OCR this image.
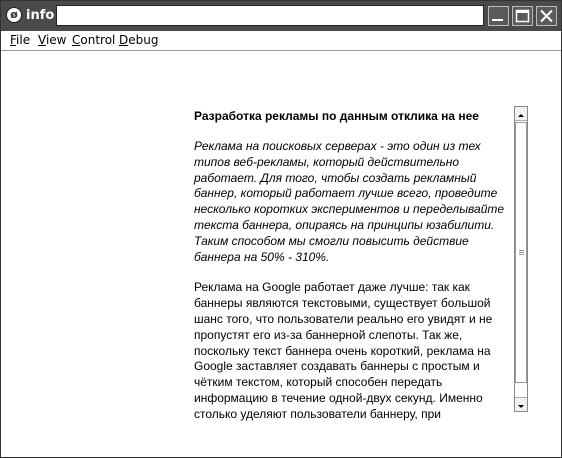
ø info
File View Control Debug
Разработка рекламы по данным отклика на нее

Реклама на поисковых серверах - это один из тех типов веб-рекламы, который действительно работает. Для того, чтобы создать рекламный баннер, который работает лучше всего, проведите несколько коротких экспериментов и переделывайте текста баннера, опираясь на принципы юзабилити. Таким способом мы смогли повысить действие баннера на 50% - 310%.

Реклама на Google работает даже лучше: так как баннеры являются текстовыми, существует большой шанс того, что пользователи реально его увидят и не пропустят его из-за баннерной слепоты. Так же, поскольку текст баннера очень короткий, реклама на Google заставляет создавать баннеры с простым и чётким текстом, который способен передать информацию в течение одной-двух секунд. Именно столько уделяют пользователи баннеру, при
